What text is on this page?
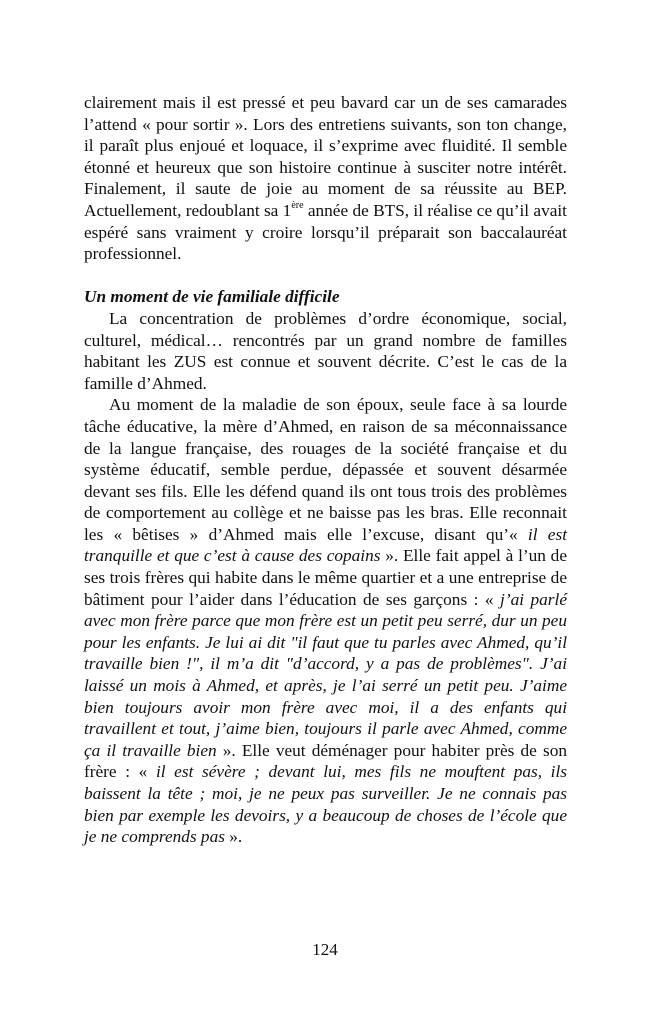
clairement mais il est pressé et peu bavard car un de ses camarades l’attend « pour sortir ». Lors des entretiens suivants, son ton change, il paraît plus enjoué et loquace, il s’exprime avec fluidité. Il semble étonné et heureux que son histoire continue à susciter notre intérêt. Finalement, il saute de joie au moment de sa réussite au BEP. Actuellement, redoublant sa 1ère année de BTS, il réalise ce qu’il avait espéré sans vraiment y croire lorsqu’il préparait son baccalauréat professionnel.

Un moment de vie familiale difficile

La concentration de problèmes d’ordre économique, social, culturel, médical… rencontrés par un grand nombre de familles habitant les ZUS est connue et souvent décrite. C’est le cas de la famille d’Ahmed.

Au moment de la maladie de son époux, seule face à sa lourde tâche éducative, la mère d’Ahmed, en raison de sa méconnaissance de la langue française, des rouages de la société française et du système éducatif, semble perdue, dépassée et souvent désarmée devant ses fils. Elle les défend quand ils ont tous trois des problèmes de comportement au collège et ne baisse pas les bras. Elle reconnait les « bêtises » d’Ahmed mais elle l’excuse, disant qu’« il est tranquille et que c’est à cause des copains ». Elle fait appel à l’un de ses trois frères qui habite dans le même quartier et a une entreprise de bâtiment pour l’aider dans l’éducation de ses garçons : « j’ai parlé avec mon frère parce que mon frère est un petit peu serré, dur un peu pour les enfants. Je lui ai dit "il faut que tu parles avec Ahmed, qu’il travaille bien !", il m’a dit "d’accord, y a pas de problèmes". J’ai laissé un mois à Ahmed, et après, je l’ai serré un petit peu. J’aime bien toujours avoir mon frère avec moi, il a des enfants qui travaillent et tout, j’aime bien, toujours il parle avec Ahmed, comme ça il travaille bien ». Elle veut déménager pour habiter près de son frère : « il est sévère ; devant lui, mes fils ne mouftent pas, ils baissent la tête ; moi, je ne peux pas surveiller. Je ne connais pas bien par exemple les devoirs, y a beaucoup de choses de l’école que je ne comprends pas ».

124
